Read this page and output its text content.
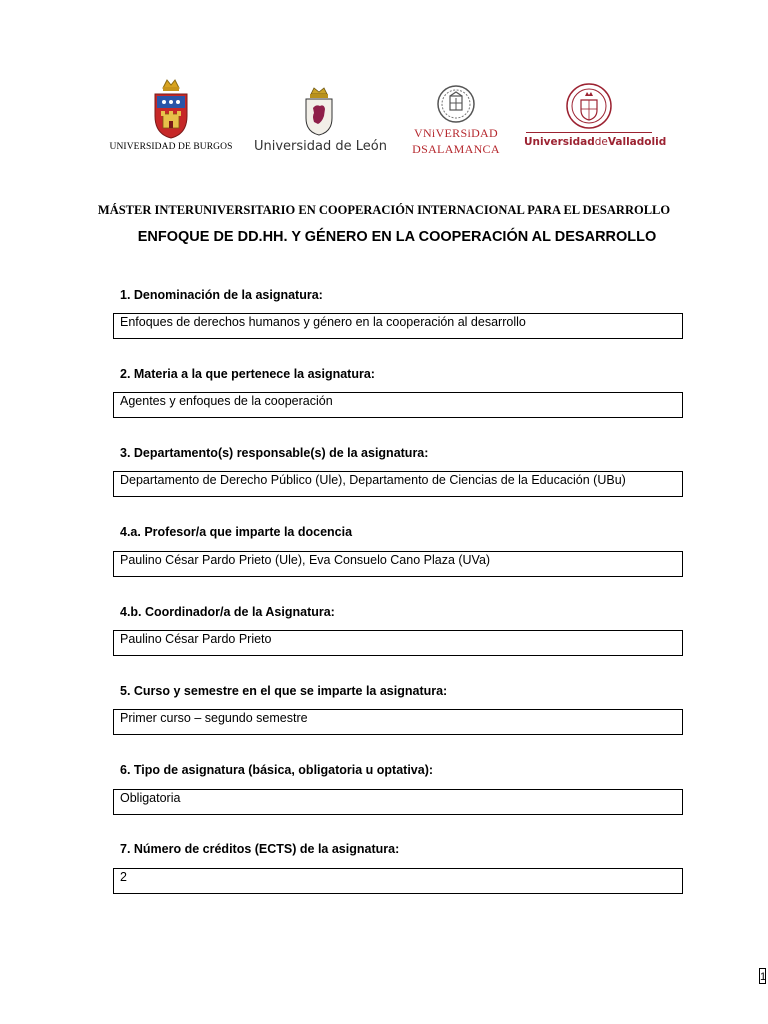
UNIVERSIDAD DE BURGOS Universidad de León
VNiVERSiDAD
DSALAMANCA UniversidaddeValladolid
MÁSTER INTERUNIVERSITARIO EN COOPERACIÓN INTERNACIONAL PARA EL DESARROLLO
ENFOQUE DE DD.HH. Y GÉNERO EN LA COOPERACIÓN AL DESARROLLO
1. Denominación de la asignatura:
Enfoques de derechos humanos y género en la cooperación al desarrollo
2. Materia a la que pertenece la asignatura:
Agentes y enfoques de la cooperación
3. Departamento(s) responsable(s) de la asignatura:
Departamento de Derecho Público (Ule), Departamento de Ciencias de la Educación (UBu)
4.a. Profesor/a que imparte la docencia
Paulino César Pardo Prieto (Ule), Eva Consuelo Cano Plaza (UVa)
4.b. Coordinador/a de la Asignatura:
Paulino César Pardo Prieto
5. Curso y semestre en el que se imparte la asignatura:
Primer curso – segundo semestre
6. Tipo de asignatura (básica, obligatoria u optativa):
Obligatoria
7. Número de créditos (ECTS) de la asignatura:
2
1
